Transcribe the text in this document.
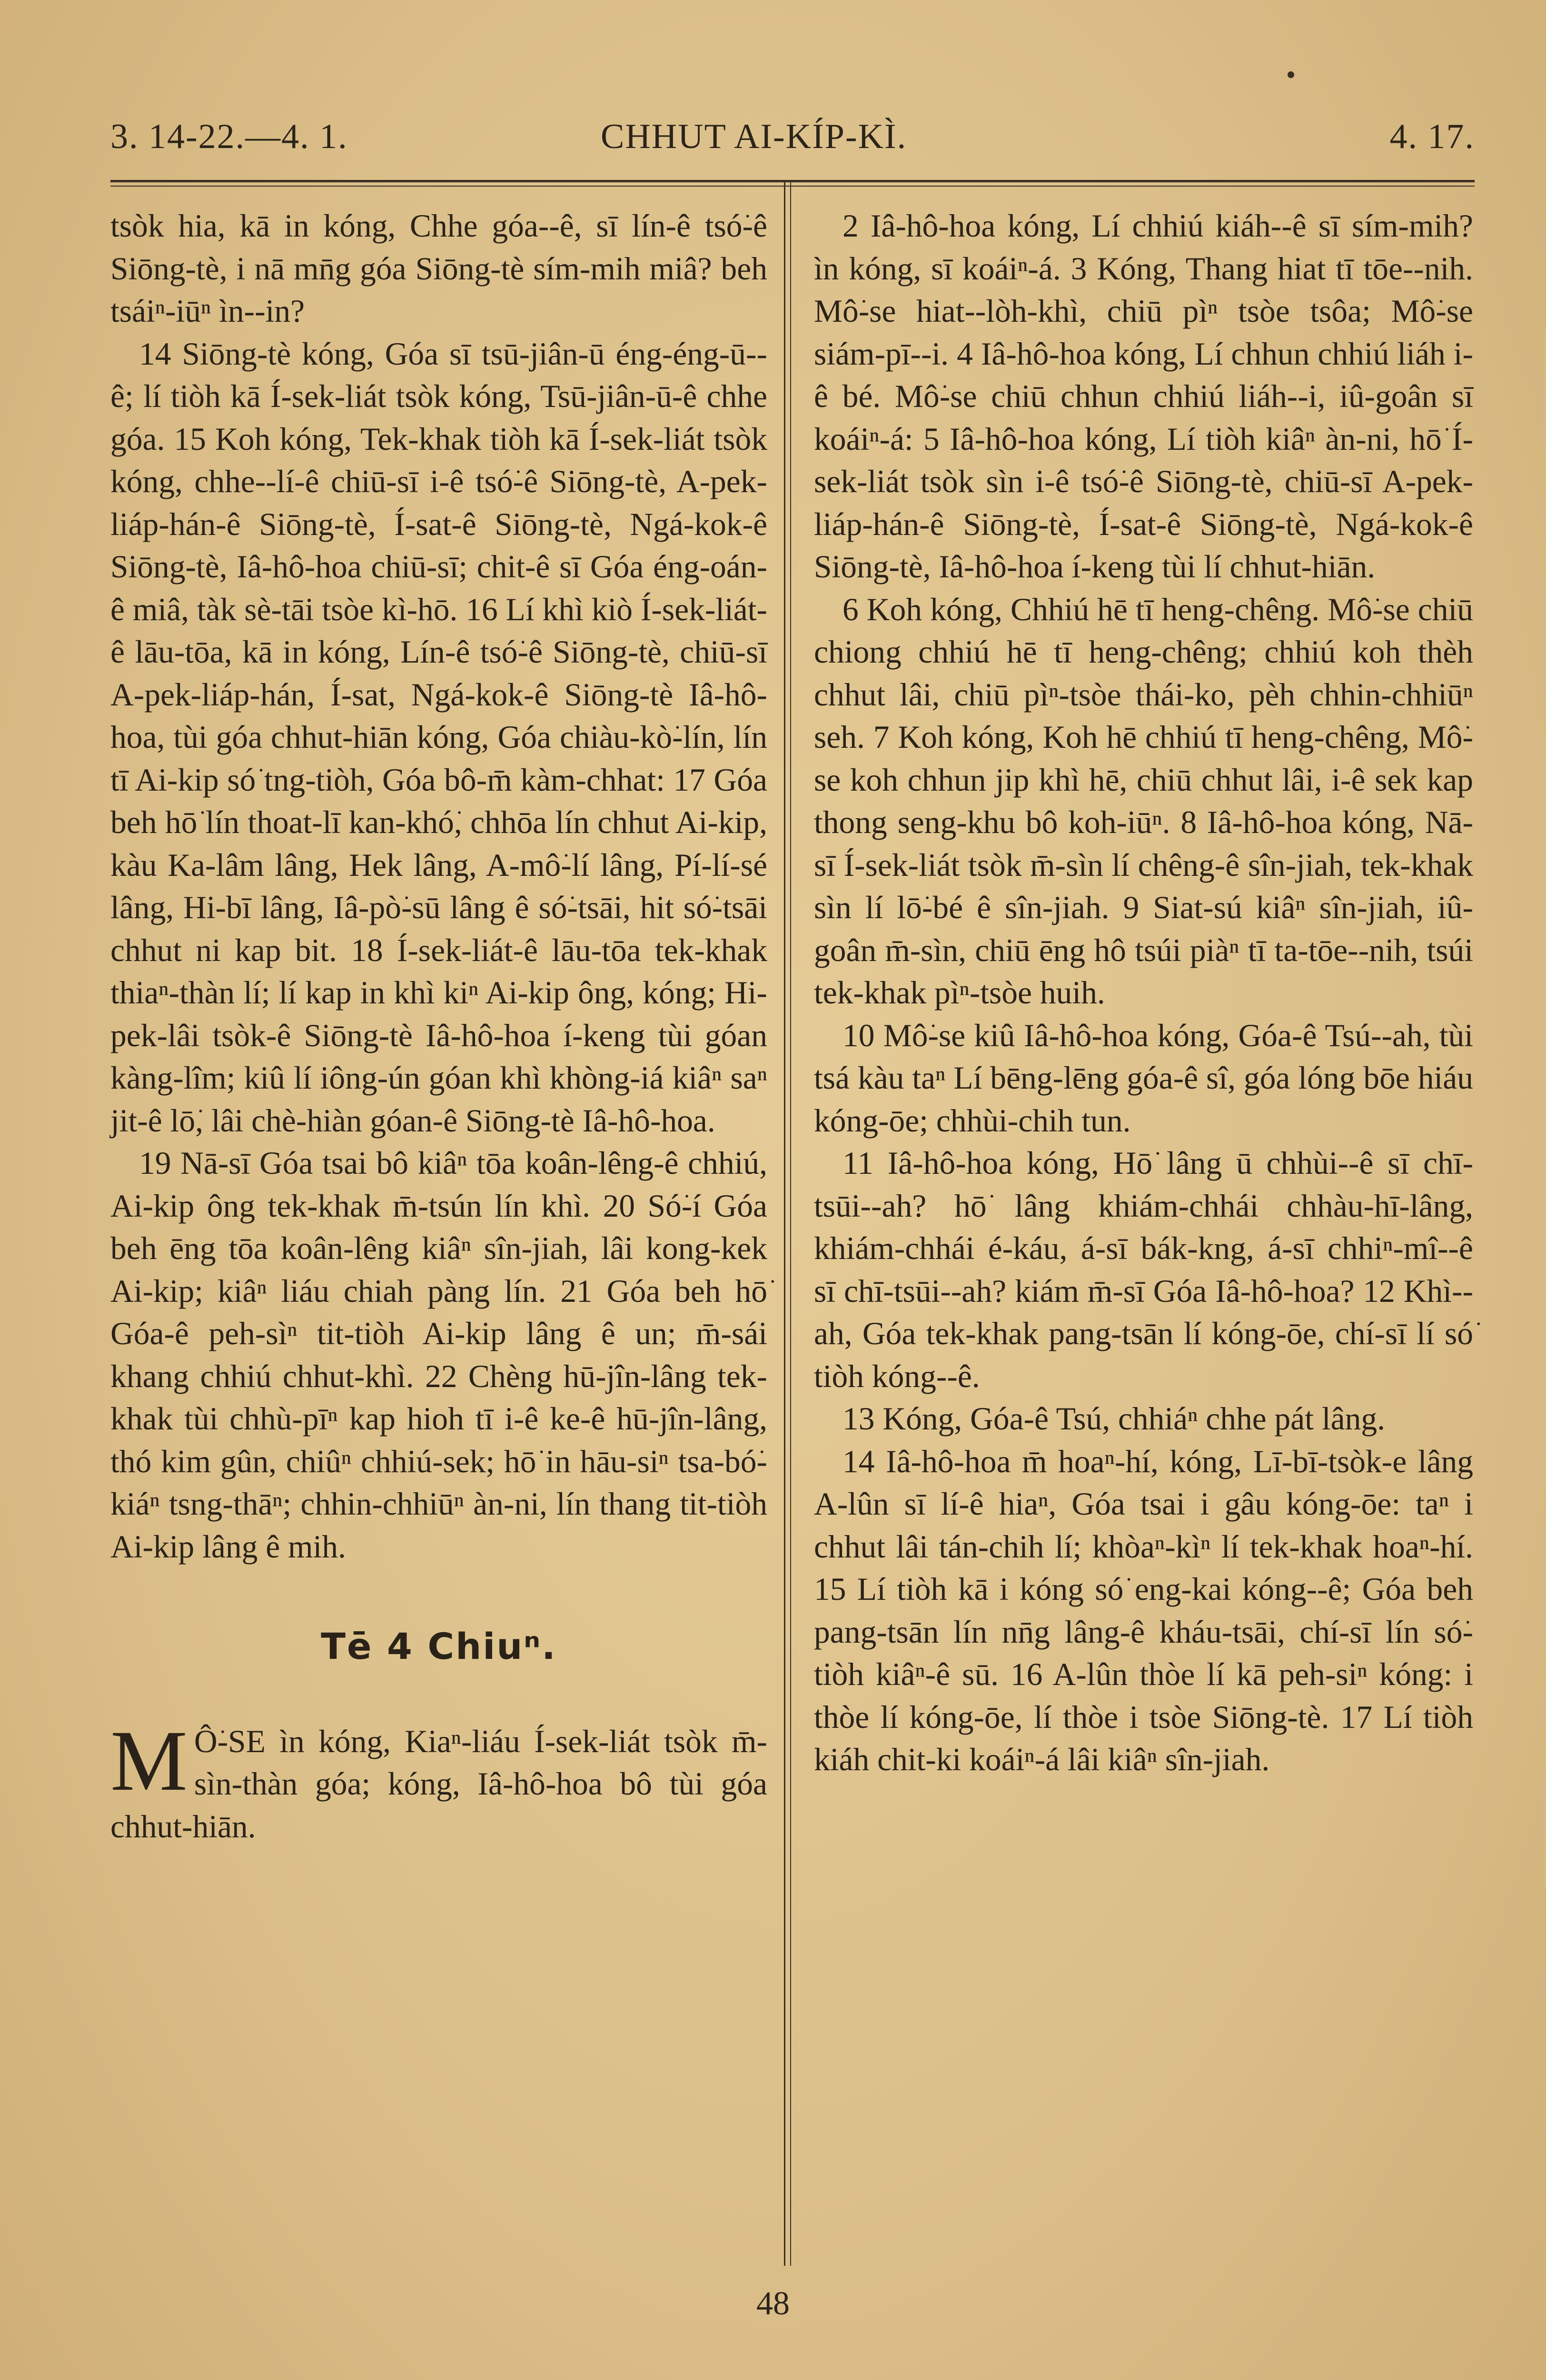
3. 14-22.—4. 1.	CHHUT AI-KÍP-KÌ.	4. 17.

tsòk hia, kā in kóng, Chhe góa--ê, sī lín-ê tsó͘-ê Siōng-tè, i nā mn̄g góa Siōng-tè sím-mih miâ? beh tsáiⁿ-iūⁿ ìn--in?

14 Siōng-tè kóng, Góa sī tsū-jiân-ū éng-éng-ū--ê; lí tiòh kā Í-sek-liát tsòk kóng, Tsū-jiân-ū-ê chhe góa. 15 Koh kóng, Tek-khak tiòh kā Í-sek-liát tsòk kóng, chhe--lí-ê chiū-sī i-ê tsó͘-ê Siōng-tè, A-pek-liáp-hán-ê Siōng-tè, Í-sat-ê Siōng-tè, Ngá-kok-ê Siōng-tè, Iâ-hô-hoa chiū-sī; chit-ê sī Góa éng-oán-ê miâ, tàk sè-tāi tsòe kì-hō. 16 Lí khì kiò Í-sek-liát-ê lāu-tōa, kā in kóng, Lín-ê tsó͘-ê Siōng-tè, chiū-sī A-pek-liáp-hán, Í-sat, Ngá-kok-ê Siōng-tè Iâ-hô-hoa, tùi góa chhut-hiān kóng, Góa chiàu-kò͘-lín, lín tī Ai-kip só͘ tng-tiòh, Góa bô-m̄ kàm-chhat: 17 Góa beh hō͘ lín thoat-lī kan-khó͘, chhōa lín chhut Ai-kip, kàu Ka-lâm lâng, Hek lâng, A-mô͘-lí lâng, Pí-lí-sé lâng, Hi-bī lâng, Iâ-pò͘-sū lâng ê só͘-tsāi, hit só͘-tsāi chhut ni kap bit. 18 Í-sek-liát-ê lāu-tōa tek-khak thiaⁿ-thàn lí; lí kap in khì kiⁿ Ai-kip ông, kóng; Hi-pek-lâi tsòk-ê Siōng-tè Iâ-hô-hoa í-keng tùi góan kàng-lîm; kiû lí iông-ún góan khì khòng-iá kiâⁿ saⁿ jit-ê lō͘, lâi chè-hiàn góan-ê Siōng-tè Iâ-hô-hoa.

19 Nā-sī Góa tsai bô kiâⁿ tōa koân-lêng-ê chhiú, Ai-kip ông tek-khak m̄-tsún lín khì. 20 Só͘-í Góa beh ēng tōa koân-lêng kiâⁿ sîn-jiah, lâi kong-kek Ai-kip; kiâⁿ liáu chiah pàng lín. 21 Góa beh hō͘ Góa-ê peh-sìⁿ tit-tiòh Ai-kip lâng ê un; m̄-sái khang chhiú chhut-khì. 22 Chèng hū-jîn-lâng tek-khak tùi chhù-pīⁿ kap hioh tī i-ê ke-ê hū-jîn-lâng, thó kim gûn, chiûⁿ chhiú-sek; hō͘ in hāu-siⁿ tsa-bó͘-kiáⁿ tsng-thāⁿ; chhin-chhiūⁿ àn-ni, lín thang tit-tiòh Ai-kip lâng ê mih.

Tē 4 Chiuⁿ.

MÔ͘-SE ìn kóng, Kiaⁿ-liáu Í-sek-liát tsòk m̄-sìn-thàn góa; kóng, Iâ-hô-hoa bô tùi góa chhut-hiān.

2 Iâ-hô-hoa kóng, Lí chhiú kiáh--ê sī sím-mih? ìn kóng, sī koáiⁿ-á. 3 Kóng, Thang hiat tī tōe--nih. Mô͘-se hiat--lòh-khì, chiū pìⁿ tsòe tsôa; Mô͘-se siám-pī--i. 4 Iâ-hô-hoa kóng, Lí chhun chhiú liáh i-ê bé. Mô͘-se chiū chhun chhiú liáh--i, iû-goân sī koáiⁿ-á: 5 Iâ-hô-hoa kóng, Lí tiòh kiâⁿ àn-ni, hō͘ Í-sek-liát tsòk sìn i-ê tsó͘-ê Siōng-tè, chiū-sī A-pek-liáp-hán-ê Siōng-tè, Í-sat-ê Siōng-tè, Ngá-kok-ê Siōng-tè, Iâ-hô-hoa í-keng tùi lí chhut-hiān.

6 Koh kóng, Chhiú hē tī heng-chêng. Mô͘-se chiū chiong chhiú hē tī heng-chêng; chhiú koh thèh chhut lâi, chiū pìⁿ-tsòe thái-ko, pèh chhin-chhiūⁿ seh. 7 Koh kóng, Koh hē chhiú tī heng-chêng, Mô͘-se koh chhun jip khì hē, chiū chhut lâi, i-ê sek kap thong seng-khu bô koh-iūⁿ. 8 Iâ-hô-hoa kóng, Nā-sī Í-sek-liát tsòk m̄-sìn lí chêng-ê sîn-jiah, tek-khak sìn lí lō͘-bé ê sîn-jiah. 9 Siat-sú kiâⁿ sîn-jiah, iû-goân m̄-sìn, chiū ēng hô tsúi piàⁿ tī ta-tōe--nih, tsúi tek-khak pìⁿ-tsòe huih.

10 Mô͘-se kiû Iâ-hô-hoa kóng, Góa-ê Tsú--ah, tùi tsá kàu taⁿ Lí bēng-lēng góa-ê sî, góa lóng bōe hiáu kóng-ōe; chhùi-chih tun.

11 Iâ-hô-hoa kóng, Hō͘ lâng ū chhùi--ê sī chī-tsūi--ah? hō͘ lâng khiám-chhái chhàu-hī-lâng, khiám-chhái é-káu, á-sī bák-kng, á-sī chhiⁿ-mî--ê sī chī-tsūi--ah? kiám m̄-sī Góa Iâ-hô-hoa? 12 Khì--ah, Góa tek-khak pang-tsān lí kóng-ōe, chí-sī lí só͘ tiòh kóng--ê.

13 Kóng, Góa-ê Tsú, chhiáⁿ chhe pát lâng.

14 Iâ-hô-hoa m̄ hoaⁿ-hí, kóng, Lī-bī-tsòk-e lâng A-lûn sī lí-ê hiaⁿ, Góa tsai i gâu kóng-ōe: taⁿ i chhut lâi tán-chih lí; khòaⁿ-kìⁿ lí tek-khak hoaⁿ-hí. 15 Lí tiòh kā i kóng só͘ eng-kai kóng--ê; Góa beh pang-tsān lín nn̄g lâng-ê kháu-tsāi, chí-sī lín só͘-tiòh kiâⁿ-ê sū. 16 A-lûn thòe lí kā peh-siⁿ kóng: i thòe lí kóng-ōe, lí thòe i tsòe Siōng-tè. 17 Lí tiòh kiáh chit-ki koáiⁿ-á lâi kiâⁿ sîn-jiah.

48
